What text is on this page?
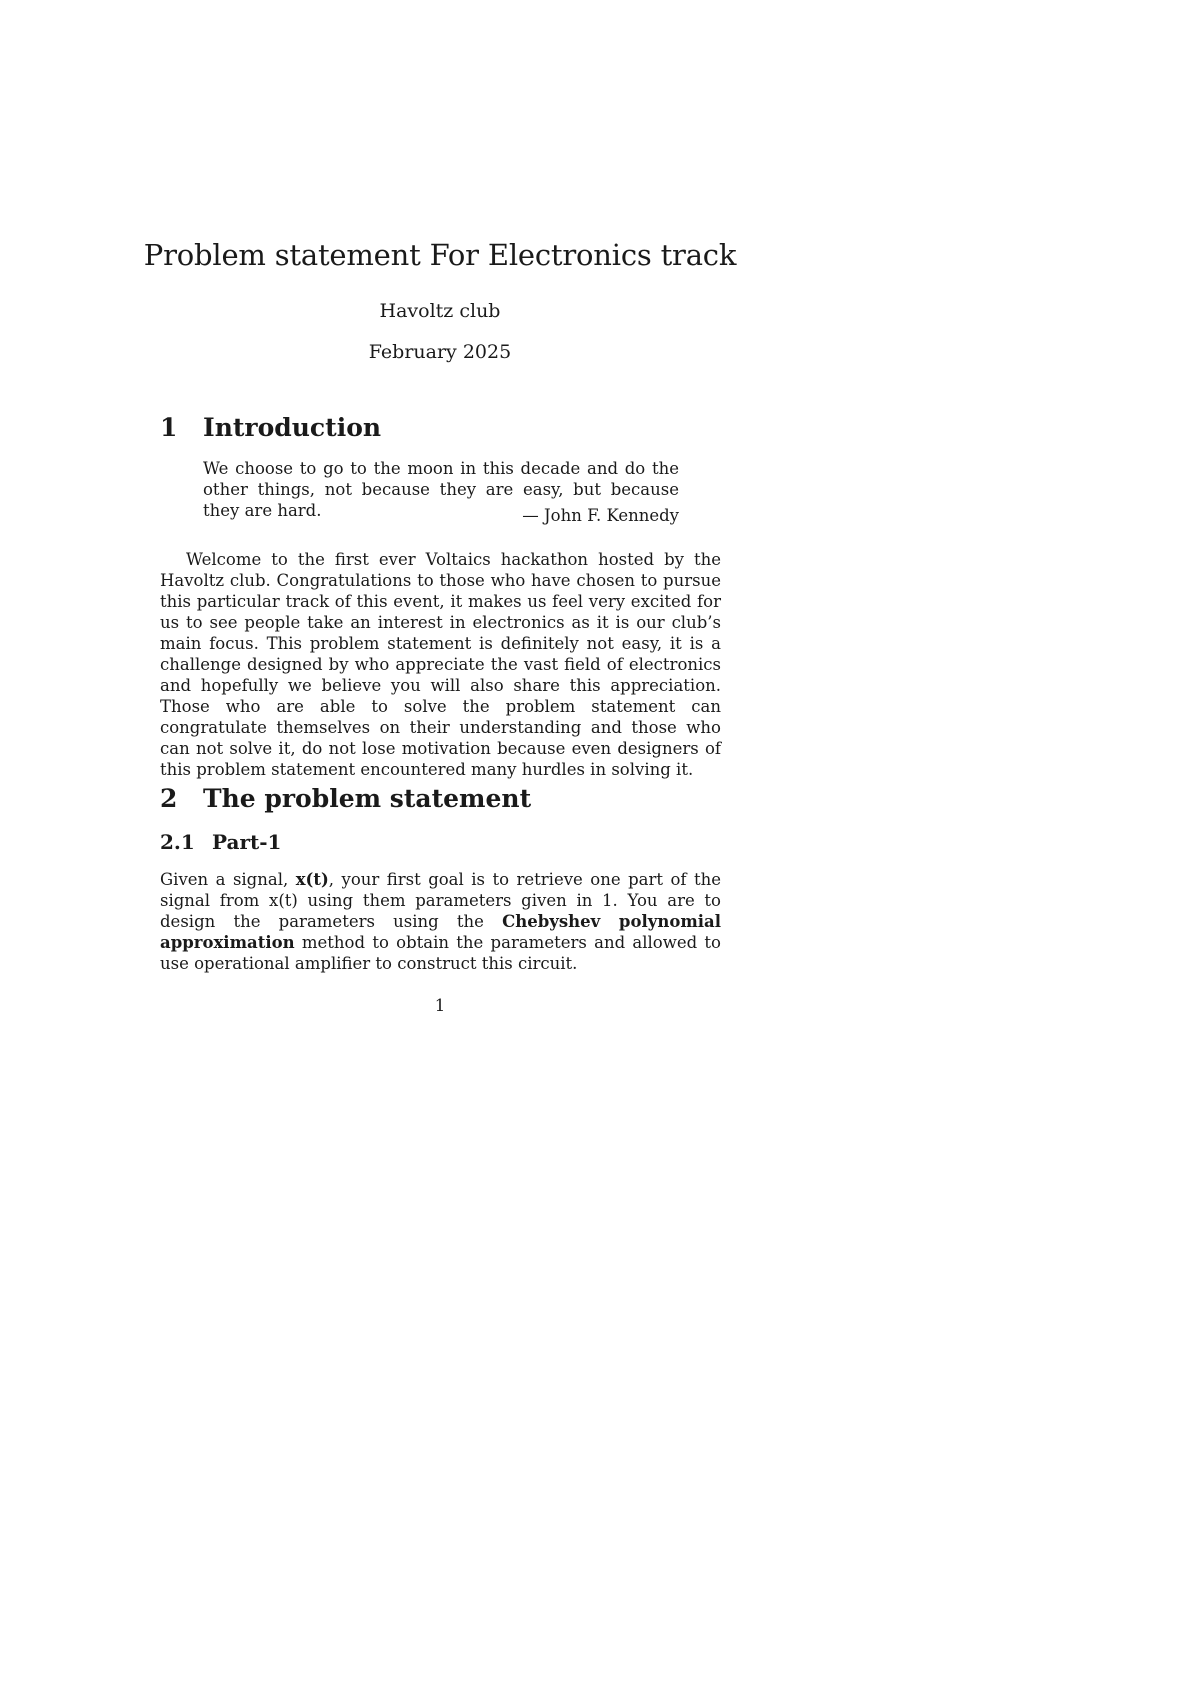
Problem statement For Electronics track
Havoltz club
February 2025
1 Introduction

We choose to go to the moon in this decade and do the other things, not because they are easy, but because they are hard.	— John F. Kennedy

Welcome to the first ever Voltaics hackathon hosted by the Havoltz club. Congratulations to those who have chosen to pursue this particular track of this event, it makes us feel very excited for us to see people take an interest in electronics as it is our club’s main focus. This problem statement is definitely not easy, it is a challenge designed by who appreciate the vast field of electronics and hopefully we believe you will also share this appreciation. Those who are able to solve the problem statement can congratulate themselves on their understanding and those who can not solve it, do not lose motivation because even designers of this problem statement encountered many hurdles in solving it.

2 The problem statement
2.1 Part-1

Given a signal, x(t), your first goal is to retrieve one part of the signal from x(t) using them parameters given in 1. You are to design the parameters using the Chebyshev polynomial approximation method to obtain the parameters and allowed to use operational amplifier to construct this circuit.

1
